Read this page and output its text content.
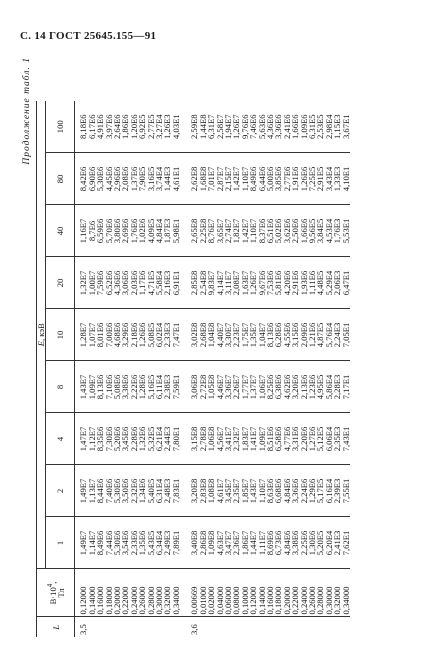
С. 14 ГОСТ 25645.155—91
Продолжение табл. 1
L	$В\cdot 10^4$,
Тл	E, кэВ								
		1	2	4	8	10	20	40	80	100
3,5	0,12000	1,49E7	1,49E7	1,47E7	1,43E7	1,28E7	1,32E7	1,16E7	8,42E6	8,18E6
	0,14000	1,14E7	1,13E7	1,12E7	1,09E7	1,07E7	1,00E7	8,7E6	6,90E6	6,17E6
	0,16000	8,49E6	8,44E6	8,35E6	8,13E6	8,01E6	7,59E6	6,59E6	5,30E6	4,91E6
	0,18000	7,44E6	7,40E6	7,30E6	7,10E6	7,00E6	6,52E6	5,70E6	4,45E6	3,97E6
	0,20000	5,30E6	5,30E6	5,20E6	5,08E6	4,68E6	4,36E6	3,80E6	2,96E6	2,64E6
	0,22000	3,54E6	3,50E6	3,45E6	3,38E6	3,29E6	3,06E6	2,69E6	2,08E6	1,86E6
	0,24000	2,33E6	2,32E6	2,28E6	2,22E6	2,18E6	2,03E6	1,76E6	1,37E6	1,20E6
	0,26000	1,35E6	1,34E6	1,32E6	1,28E6	1,26E6	1,17E6	1,02E6	7,90E5	6,92E5
	0,28000	5,43E5	5,40E5	5,32E5	5,16E5	5,08E5	4,71E5	4,09E5	3,16E5	2,77E5
	0,30000	6,34E4	6,31E4	6,21E4	6,11E4	6,02E4	5,58E4	4,84E4	3,74E4	3,27E4
	0,32000	2,49E3	2,48E3	2,44E3	2,38E3	2,33E3	2,16E3	1,87E3	1,44E3	1,26E3
	0,34000	7,89E1	7,83E1	7,80E1	7,59E1	7,47E1	6,91E1	5,98E1	4,61E1	4,03E1

3,6	0,00669	3,40E8	3,20E8	3,15E8	3,06E8	3,02E8	2,85E8	2,65E8	2,62E8	2,59E8
	0,01000	2,86E8	2,83E8	2,78E8	2,72E8	2,68E8	2,54E8	2,25E8	1,68E8	1,44E8
	0,02000	1,09E8	1,08E8	1,06E8	1,05E8	1,04E8	9,83E7	8,76E7	7,01E7	6,31E7
	0,04000	4,63E7	4,61E7	4,56E7	4,46E7	4,40E7	4,14E7	3,65E7	2,87E7	2,58E7
	0,06000	3,47E7	3,45E7	3,41E7	3,36E7	3,30E7	3,11E7	2,74E7	2,15E7	1,94E7
	0,08000	2,36E7	2,35E7	2,32E7	2,26E7	2,23E7	2,08E7	1,82E7	1,42E7	1,26E7
	0,10000	1,86E7	1,85E7	1,83E7	1,77E7	1,75E7	1,63E7	1,42E7	1,10E7	9,76E6
	0,12000	1,44E7	1,43E7	1,41E7	1,37E7	1,35E7	1,26E7	1,10E7	8,49E6	7,46E6
	0,14000	1,11E7	1,10E7	1,09E7	1,06E7	1,04E7	9,67E6	8,37E6	6,44E6	5,63E6
	0,16000	8,69E6	8,63E6	8,51E6	8,25E6	8,13E6	7,53E6	6,51E6	5,00E6	4,36E6
	0,18000	6,73E6	6,68E6	6,58E6	6,38E6	6,28E6	5,81E6	5,02E6	3,85E6	3,36E6
	0,20000	4,84E6	4,84E6	4,77E6	4,62E6	4,55E6	4,20E6	3,62E6	2,77E6	2,41E6
	0,22000	3,38E6	3,36E6	3,31E6	3,20E6	3,15E6	2,91E6	2,50E6	1,91E6	1,66E6
	0,24000	2,25E6	2,24E6	2,20E6	2,13E6	2,09E6	1,93E6	1,66E6	1,26E6	1,09E6
	0,26000	1,30E6	1,29E6	1,27E6	1,23E6	1,21E6	1,11E6	9,56E5	7,25E5	6,31E5
	0,28000	5,20E5	5,17E5	5,12E5	4,95E5	4,87E5	4,48E5	3,84E5	2,91E5	2,53E5
	0,30000	6,20E4	6,16E4	6,06E4	5,86E4	5,76E4	5,29E4	4,53E4	3,43E4	2,98E4
	0,32000	2,41E3	2,39E3	2,35E3	2,28E3	2,24E3	2,06E3	1,76E3	1,33E3	1,15E3
	0,34000	7,62E1	7,55E1	7,43E1	7,17E1	7,05E1	6,47E1	5,53E1	4,10E1	3,67E1
